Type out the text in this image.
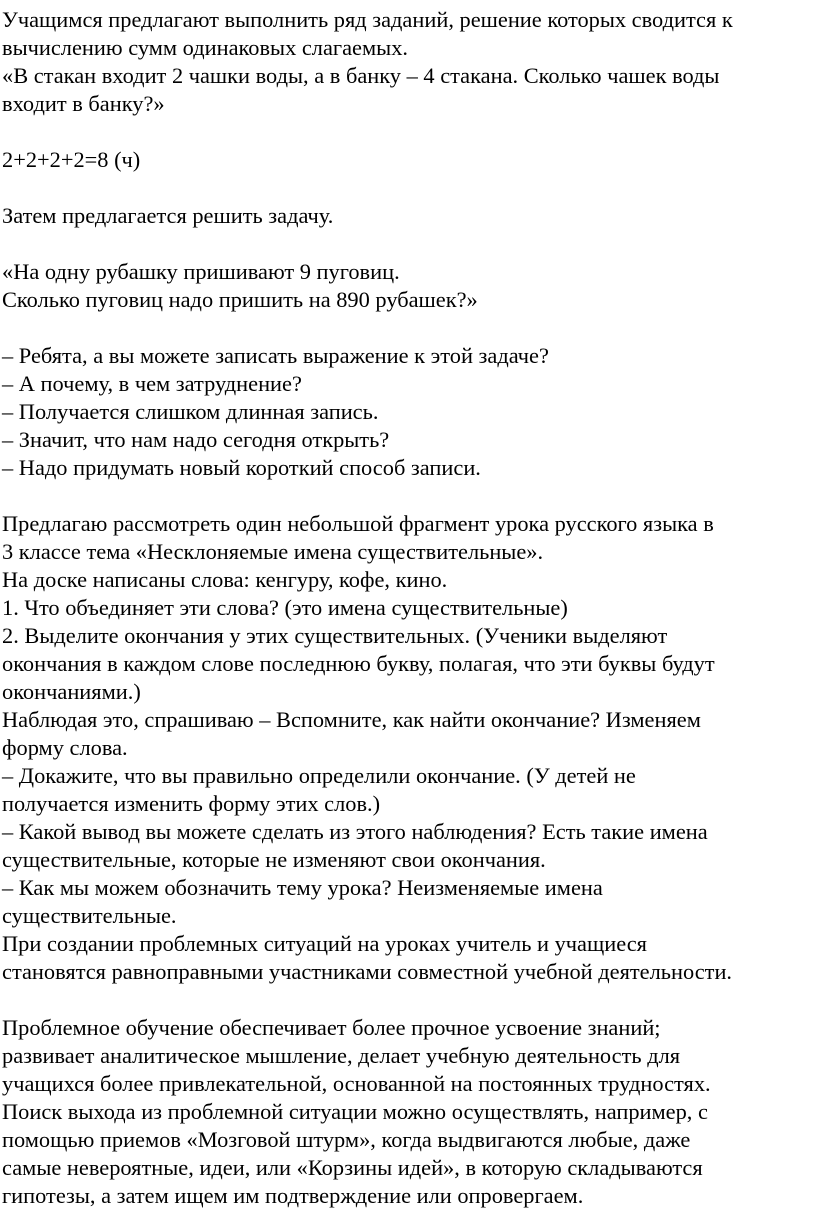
Учащимся предлагают выполнить ряд заданий, решение которых сводится к
вычислению сумм одинаковых слагаемых.
«В стакан входит 2 чашки воды, а в банку – 4 стакана. Сколько чашек воды
входит в банку?»
2+2+2+2=8 (ч)
Затем предлагается решить задачу.
«На одну рубашку пришивают 9 пуговиц.
Сколько пуговиц надо пришить на 890 рубашек?»
– Ребята, а вы можете записать выражение к этой задаче?
– А почему, в чем затруднение?
– Получается слишком длинная запись.
– Значит, что нам надо сегодня открыть?
– Надо придумать новый короткий способ записи.
Предлагаю рассмотреть один небольшой фрагмент урока русского языка в
3 классе тема «Несклоняемые имена существительные».
На доске написаны слова: кенгуру, кофе, кино.
1. Что объединяет эти слова? (это имена существительные)
2. Выделите окончания у этих существительных. (Ученики выделяют
окончания в каждом слове последнюю букву, полагая, что эти буквы будут
окончаниями.)
Наблюдая это, спрашиваю – Вспомните, как найти окончание? Изменяем
форму слова.
– Докажите, что вы правильно определили окончание. (У детей не
получается изменить форму этих слов.)
– Какой вывод вы можете сделать из этого наблюдения? Есть такие имена
существительные, которые не изменяют свои окончания.
– Как мы можем обозначить тему урока? Неизменяемые имена
существительные.
При создании проблемных ситуаций на уроках учитель и учащиеся
становятся равноправными участниками совместной учебной деятельности.
Проблемное обучение обеспечивает более прочное усвоение знаний;
развивает аналитическое мышление, делает учебную деятельность для
учащихся более привлекательной, основанной на постоянных трудностях.
Поиск выхода из проблемной ситуации можно осуществлять, например, с
помощью приемов «Мозговой штурм», когда выдвигаются любые, даже
самые невероятные, идеи, или «Корзины идей», в которую складываются
гипотезы, а затем ищем им подтверждение или опровергаем.
